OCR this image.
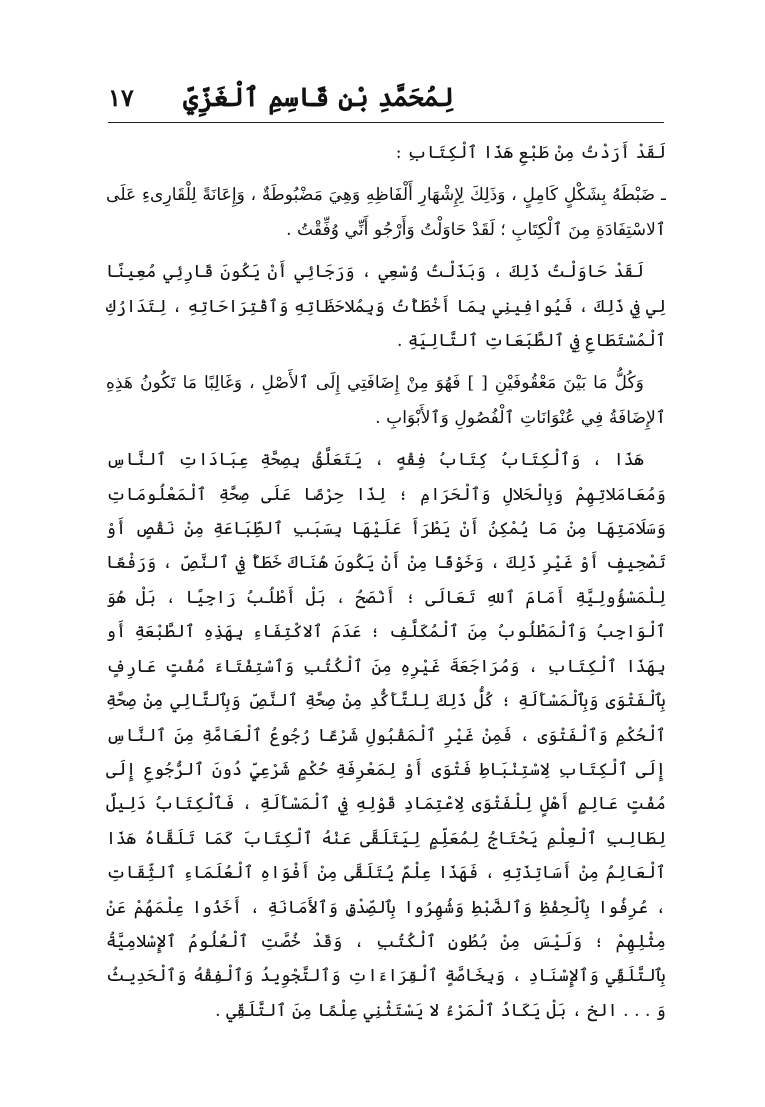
لِمُحَمَّدِ بْن قَاسِمِ ٱلْغَزِّيّ
١٧

لَقَدْ أَرَدْتُ مِنْ طَبْعِ هَذَا ٱلْكِتَابِ :

ـ ضَبْطَهُ بِشَكْلٍ كَامِلٍ ، وَذَلِكَ لِإِشْهَارِ أَلْفَاظِهِ وَهِيَ مَضْبُوطَةٌ ، وَإِعَانَةً لِلْقَارِىءِ عَلَى ٱلاسْتِفَادَةِ مِنَ ٱلْكِتَابِ ؛ لَقَدْ حَاوَلْتُ وَأَرْجُو أَنِّي وُفِّقْتُ .

لَقَدْ حَاوَلْتُ ذَلِكَ ، وَبَذَلْتُ وُسْعِي ، وَرَجَائِي أَنْ يَكُونَ قَارِئِي مُعِينًا لِي فِي ذَلِكَ ، فَيُوافِينِي بِمَا أَخْطَأْتُ وَبِمُلاحَظَاتِهِ وَٱقْتِرَاحَاتِهِ ، لِتَدَارُكِ ٱلْمُسْتَطَاعِ فِي ٱلطَّبَعَاتِ ٱلتَّالِيَةِ .

وَكُلُّ مَا بَيْنَ مَعْقُوفَيْنِ [ ] فَهُوَ مِنْ إِضَافَتِي إِلَى ٱلأَصْلِ ، وَغَالِبًا مَا تَكُونُ هَذِهِ ٱلإِضَافَةُ فِي عُنْوَانَاتِ ٱلْفُصُولِ وَٱلأَبْوَابِ .

هَذَا ، وَٱلْكِتَابُ كِتَابُ فِقْهٍ ، يَتَعَلَّقُ بِصِحَّةِ عِبَادَاتِ ٱلنَّاسِ وَمُعَامَلاتِهِمْ وَبِالْحَلالِ وَٱلْحَرَامِ ؛ لِذَا حِرْصًا عَلَى صِحَّةِ ٱلْمَعْلُومَاتِ وَسَلَامَتِهَا مِنْ مَا يُمْكِنُ أَنْ يَطْرَأَ عَلَيْهَا بِسَبَبِ ٱلطِّبَاعَةِ مِنْ نَقْصٍ أَوْ تَصْحِيفٍ أَوْ غَيْرِ ذَلِكَ ، وَخَوْفًا مِنْ أَنْ يَكُونَ هُنَاكَ خَطَأٌ فِي ٱلنَّصِّ ، وَرَفْعًا لِلْمَسْؤُولِيَّةِ أَمَامَ ٱللهِ تَعَالَى ؛ أَنْصَحُ ، بَلْ أَطْلُبُ رَاجِيًا ، بَلْ هُوَ ٱلْوَاجِبُ وَٱلْمَطْلُوبُ مِنَ ٱلْمُكَلَّفِ ؛ عَدَمَ ٱلاكْتِفَاءِ بِهَذِهِ ٱلطَّبْعَةِ أَو بِهَذَا ٱلْكِتَابِ ، وَمُرَاجَعَةَ غَيْرِهِ مِنَ ٱلْكُتُبِ وَٱسْتِفْتَاءَ مُفْتٍ عَارِفٍ بِٱلْفَتْوَى وَبِٱلْمَسْأَلَةِ ؛ كُلُّ ذَلِكَ لِلتَّأَكُّدِ مِنْ صِحَّةِ ٱلنَّصِّ وَبِٱلتَّالِي مِنْ صِحَّةِ ٱلْحُكْمِ وَٱلْفَتْوَى ، فَمِنْ غَيْرِ ٱلْمَقْبُولِ شَرْعًا رُجُوعُ ٱلْعَامَّةِ مِنَ ٱلنَّاسِ إِلَى ٱلْكِتَابِ لِاسْتِنْبَاطِ فَتْوَى أَوْ لِمَعْرِفَةِ حُكْمٍ شَرْعِيٍّ دُونَ ٱلرُّجُوعِ إِلَى مُفْتٍ عَالِمٍ أَهْلٍ لِلْفَتْوَى لِاعْتِمَادِ قَوْلِهِ فِي ٱلْمَسْأَلَةِ ، فَٱلْكِتَابُ دَلِيلٌ لِطَالِبِ ٱلْعِلْمِ يَحْتَاجُ لِمُعَلِّمٍ لِيَتَلَقَّى عَنْهُ ٱلْكِتَابَ كَمَا تَلَقَّاهُ هَذَا ٱلْعَالِمُ مِنْ أَسَاتِذَتِهِ ، فَهَذَا عِلْمٌ يُتَلَقَّى مِنْ أَفْوَاهِ ٱلْعُلَمَاءِ ٱلثِّقَاتِ ، عُرِفُوا بِٱلْحِفْظِ وَٱلضَّبْطِ وَشُهِرُوا بِٱلصِّدْقِ وَٱلأَمَانَةِ ، أَخَذُوا عِلْمَهُمْ عَنْ مِثْلِهِمْ ؛ وَلَيْسَ مِنْ بُطُونِ ٱلْكُتُبِ ، وَقَدْ خُصَّتِ ٱلْعُلُومُ ٱلإِسْلامِيَّةُ بِٱلتَّلَقِّي وَٱلإِسْنَادِ ، وَبِخَاصَّةٍ ٱلْقِرَاءَاتِ وَٱلتَّجْوِيدُ وَٱلْفِقْهُ وَٱلْحَدِيثُ وَ . . . الخ ، بَلْ يَكَادُ ٱلْمَرْءُ لا يَسْتَثْنِي عِلْمًا مِنَ ٱلتَّلَقِّي .
